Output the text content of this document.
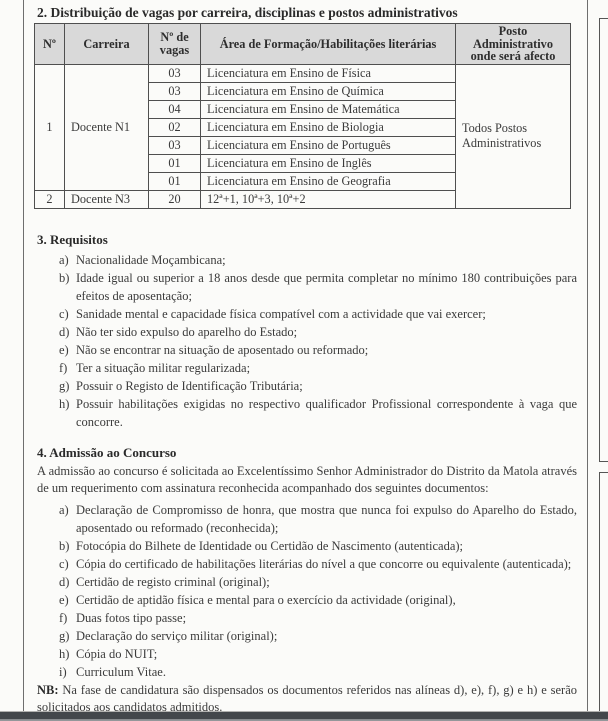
2. Distribuição de vagas por carreira, disciplinas e postos administrativos
Nº	Carreira	Nº de vagas	Área de Formação/Habilitações literárias	Posto Administrativo onde será afecto
1	Docente N1	03	Licenciatura em Ensino de Física	Todos Postos Administrativos
		03	Licenciatura em Ensino de Química	
		04	Licenciatura em Ensino de Matemática	
		02	Licenciatura em Ensino de Biologia	
		03	Licenciatura em Ensino de Português	
		01	Licenciatura em Ensino de Inglês	
		01	Licenciatura em Ensino de Geografia	
2	Docente N3	20	12ª+1, 10ª+3, 10ª+2	
3. Requisitos
a) Nacionalidade Moçambicana;
b) Idade igual ou superior a 18 anos desde que permita completar no mínimo 180 contribuições para efeitos de aposentação;
c) Sanidade mental e capacidade física compatível com a actividade que vai exercer;
d) Não ter sido expulso do aparelho do Estado;
e) Não se encontrar na situação de aposentado ou reformado;
f) Ter a situação militar regularizada;
g) Possuir o Registo de Identificação Tributária;
h) Possuir habilitações exigidas no respectivo qualificador Profissional correspondente à vaga que concorre.
4. Admissão ao Concurso

A admissão ao concurso é solicitada ao Excelentíssimo Senhor Administrador do Distrito da Matola através de um requerimento com assinatura reconhecida acompanhado dos seguintes documentos:

a) Declaração de Compromisso de honra, que mostra que nunca foi expulso do Aparelho do Estado, aposentado ou reformado (reconhecida);
b) Fotocópia do Bilhete de Identidade ou Certidão de Nascimento (autenticada);
c) Cópia do certificado de habilitações literárias do nível a que concorre ou equivalente (autenticada);
d) Certidão de registo criminal (original);
e) Certidão de aptidão física e mental para o exercício da actividade (original),
f) Duas fotos tipo passe;
g) Declaração do serviço militar (original);
h) Cópia do NUIT;
i) Curriculum Vitae.

NB: Na fase de candidatura são dispensados os documentos referidos nas alíneas d), e), f), g) e h) e serão solicitados aos candidatos admitidos.
